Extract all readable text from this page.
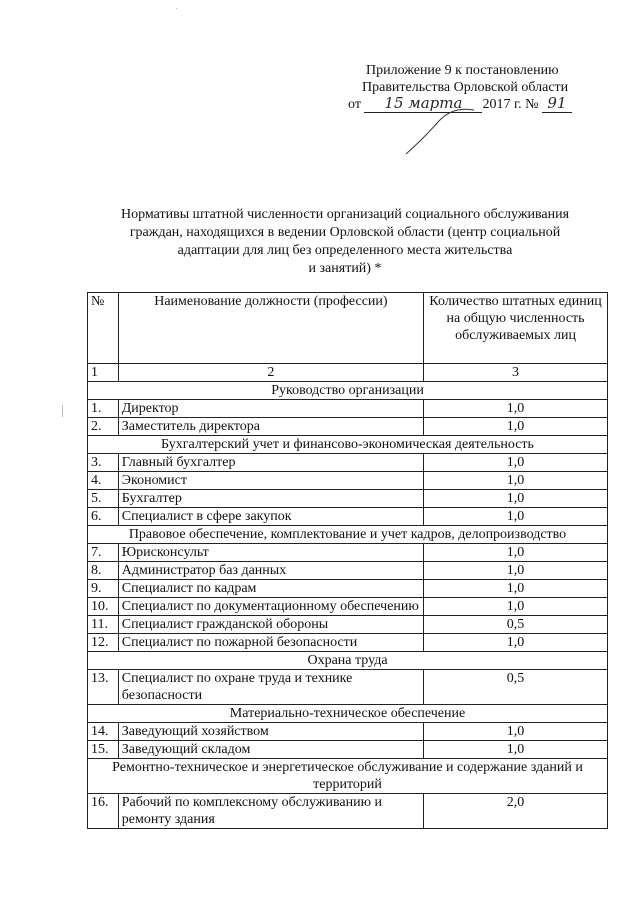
Приложение 9 к постановлению
Правительства Орловской области
от 15 марта 2017 г. № 91
Нормативы штатной численности организаций социального обслуживания
граждан, находящихся в ведении Орловской области (центр социальной
адаптации для лиц без определенного места жительства
и занятий) *
№	Наименование должности (профессии)	Количество штатных единиц на общую численность обслуживаемых лиц
1	2	3
Руководство организации		
1.	Директор	1,0
2.	Заместитель директора	1,0
Бухгалтерский учет и финансово-экономическая деятельность		
3.	Главный бухгалтер	1,0
4.	Экономист	1,0
5.	Бухгалтер	1,0
6.	Специалист в сфере закупок	1,0
Правовое обеспечение, комплектование и учет кадров, делопроизводство		
7.	Юрисконсульт	1,0
8.	Администратор баз данных	1,0
9.	Специалист по кадрам	1,0
10.	Специалист по документационному обеспечению	1,0
11.	Специалист гражданской обороны	0,5
12.	Специалист по пожарной безопасности	1,0
Охрана труда		
13.	Специалист по охране труда и технике безопасности	0,5
Материально-техническое обеспечение		
14.	Заведующий хозяйством	1,0
15.	Заведующий складом	1,0
Ремонтно-техническое и энергетическое обслуживание и содержание зданий и территорий		
16.	Рабочий по комплексному обслуживанию и ремонту здания	2,0
